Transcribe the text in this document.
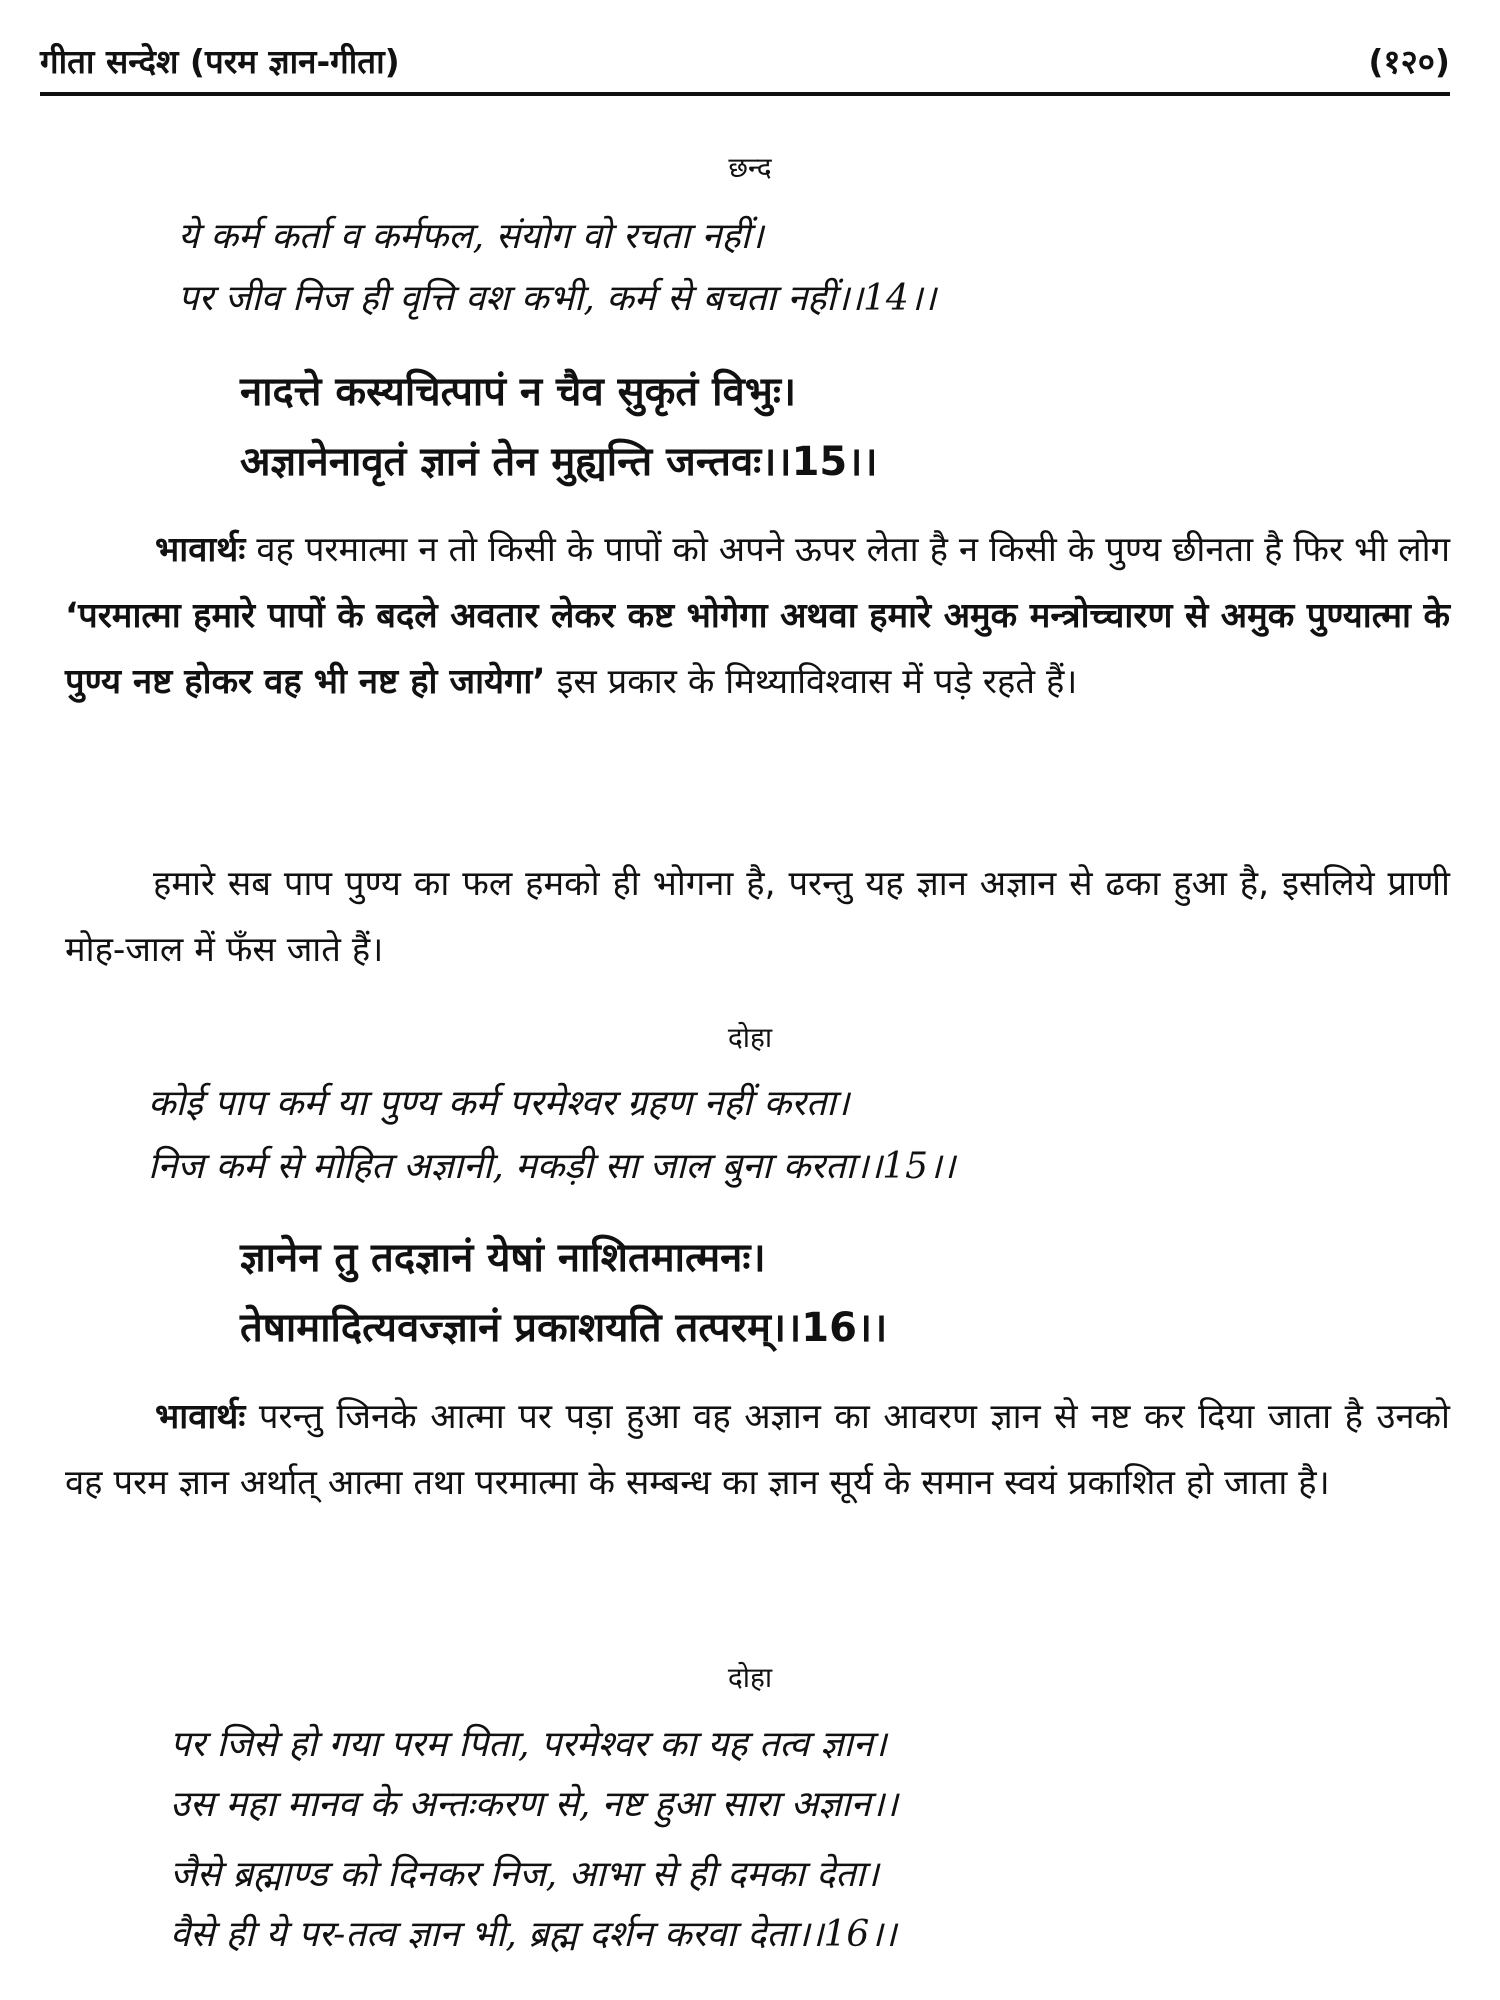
गीता सन्देश (परम ज्ञान-गीता)	(१२०)
छन्द
ये कर्म कर्ता व कर्मफल, संयोग वो रचता नहीं।
पर जीव निज ही वृत्ति वश कभी, कर्म से बचता नहीं।।14।।
नादत्ते कस्यचित्पापं न चैव सुकृतं विभुः।
अज्ञानेनावृतं ज्ञानं तेन मुह्यन्ति जन्तवः।।15।।
भावार्थः वह परमात्मा न तो किसी के पापों को अपने ऊपर लेता है न किसी के पुण्य छीनता है फिर भी लोग ‘परमात्मा हमारे पापों के बदले अवतार लेकर कष्ट भोगेगा अथवा हमारे अमुक मन्त्रोच्चारण से अमुक पुण्यात्मा के पुण्य नष्ट होकर वह भी नष्ट हो जायेगा’ इस प्रकार के मिथ्याविश्वास में पड़े रहते हैं।
हमारे सब पाप पुण्य का फल हमको ही भोगना है, परन्तु यह ज्ञान अज्ञान से ढका हुआ है, इसलिये प्राणी मोह-जाल में फँस जाते हैं।
दोहा
कोई पाप कर्म या पुण्य कर्म परमेश्वर ग्रहण नहीं करता।
निज कर्म से मोहित अज्ञानी, मकड़ी सा जाल बुना करता।।15।।
ज्ञानेन तु तदज्ञानं येषां नाशितमात्मनः।
तेषामादित्यवज्ज्ञानं प्रकाशयति तत्परम्।।16।।
भावार्थः परन्तु जिनके आत्मा पर पड़ा हुआ वह अज्ञान का आवरण ज्ञान से नष्ट कर दिया जाता है उनको वह परम ज्ञान अर्थात् आत्मा तथा परमात्मा के सम्बन्ध का ज्ञान सूर्य के समान स्वयं प्रकाशित हो जाता है।
दोहा
पर जिसे हो गया परम पिता, परमेश्वर का यह तत्व ज्ञान।
उस महा मानव के अन्तःकरण से, नष्ट हुआ सारा अज्ञान।।
जैसे ब्रह्माण्ड को दिनकर निज, आभा से ही दमका देता।
वैसे ही ये पर-तत्व ज्ञान भी, ब्रह्म दर्शन करवा देता।।16।।
